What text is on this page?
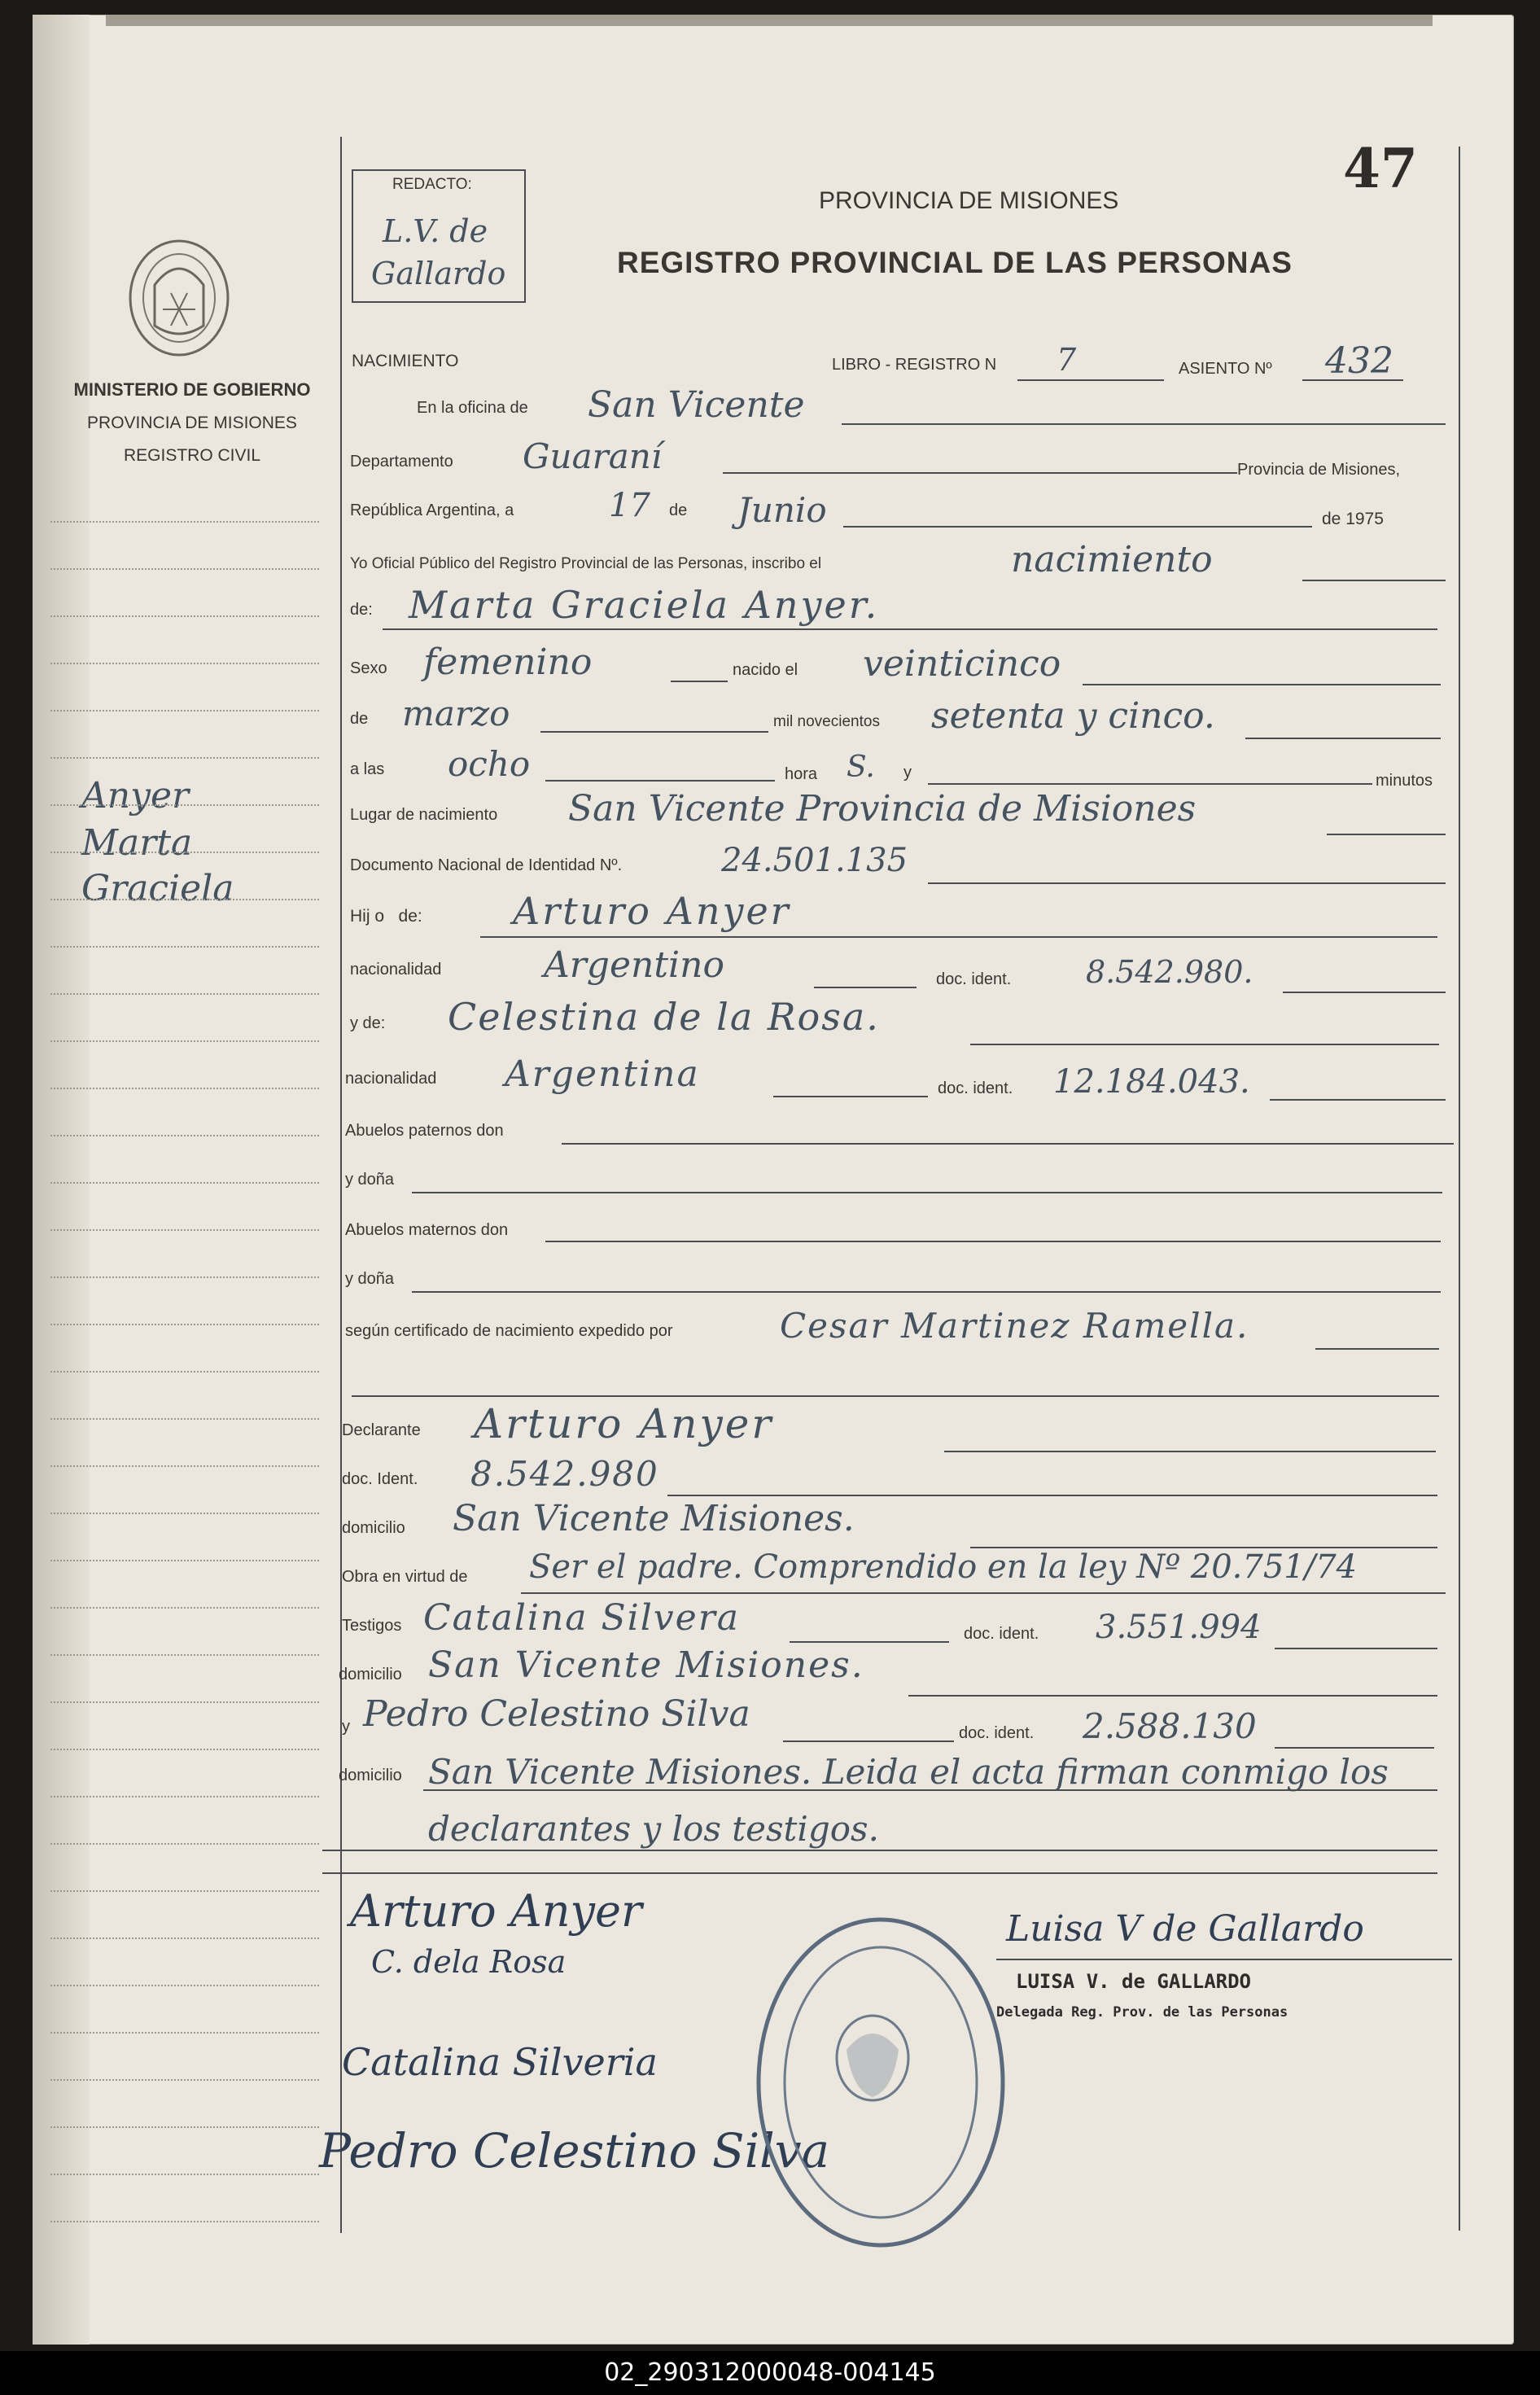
47
REDACTO:
L.V. de
Gallardo
MINISTERIO DE GOBIERNO
PROVINCIA DE MISIONES
REGISTRO CIVIL
PROVINCIA DE MISIONES
REGISTRO PROVINCIAL DE LAS PERSONAS
Anyer
Marta
Graciela
NACIMIENTO	LIBRO - REGISTRO N 7	ASIENTO Nº 432
En la oficina de San Vicente
Departamento Guaraní	Provincia de Misiones,
República Argentina, a	17 de Junio	de 1975
Yo Oficial Público del Registro Provincial de las Personas, inscribo el	nacimiento
de: Marta Graciela Anyer.
Sexo femenino	nacido el veinticinco
de marzo	mil novecientos setenta y cinco.
a las ocho	hora S. y	minutos
Lugar de nacimiento San Vicente Provincia de Misiones
Documento Nacional de Identidad Nº.	24.501.135
Hij o   de: Arturo Anyer
nacionalidad	Argentino	doc. ident. 8.542.980.
y de: Celestina de la Rosa.
nacionalidad Argentina	doc. ident. 12.184.043.
Abuelos paternos don
y doña
Abuelos maternos don
y doña
según certificado de nacimiento expedido por	Cesar Martinez Ramella.
Declarante Arturo Anyer
doc. Ident. 8.542.980
domicilio San Vicente Misiones.
Obra en virtud de Ser el padre. Comprendido en la ley Nº 20.751/74
Testigos Catalina Silvera	doc. ident. 3.551.994
domicilio San Vicente Misiones.
y Pedro Celestino Silva	doc. ident. 2.588.130
domicilio San Vicente Misiones. Leida el acta firman conmigo los declarantes y los testigos.
Arturo Anyer
C. dela Rosa
Catalina Silveria
Pedro Celestino Silva
Luisa V de Gallardo
LUISA V. de GALLARDO
Delegada Reg. Prov. de las Personas
02_290312000048-004145
